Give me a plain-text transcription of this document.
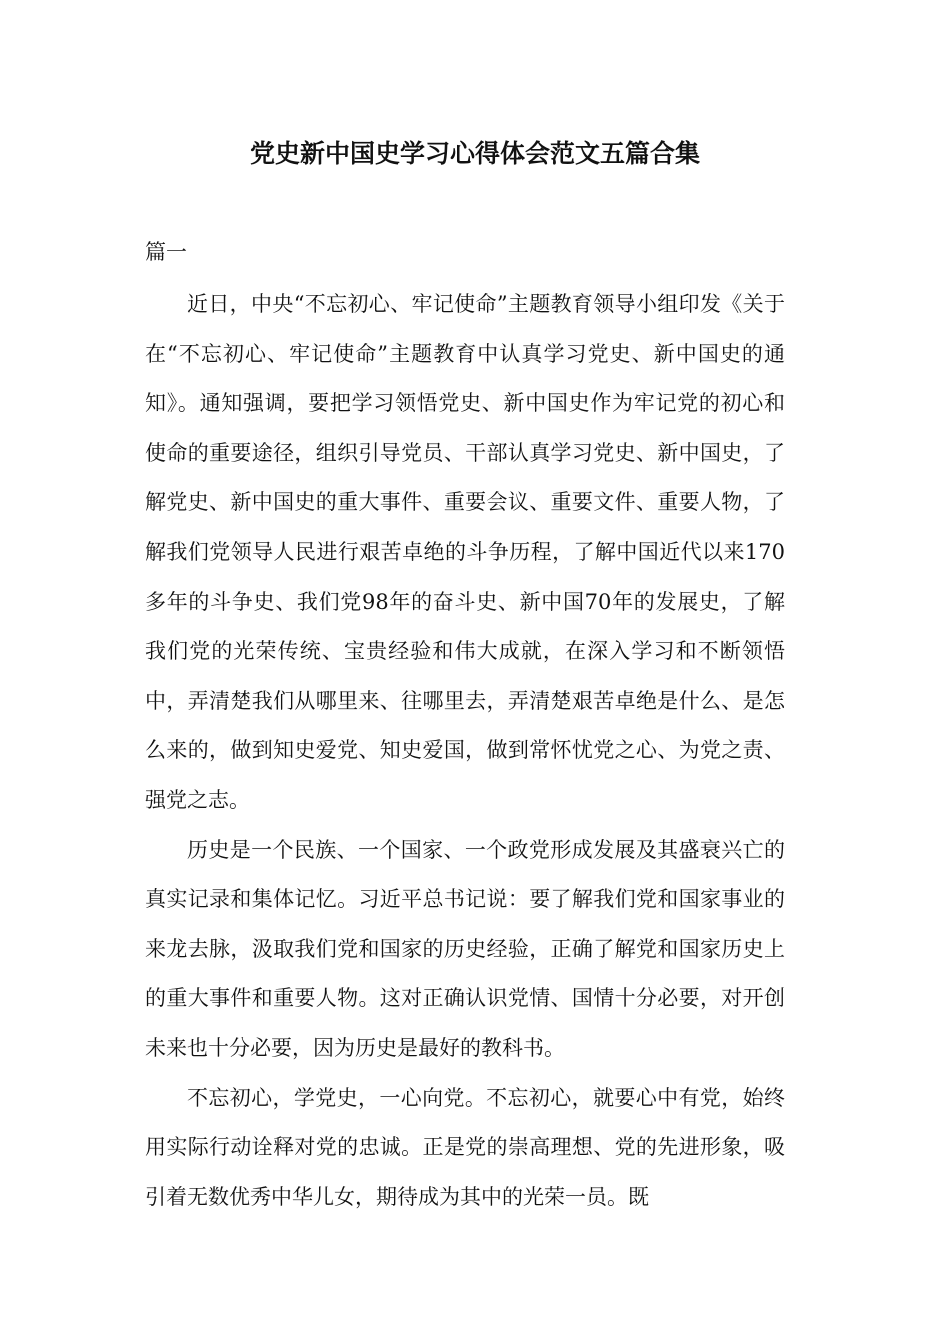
党史新中国史学习心得体会范文五篇合集
篇一

近日，中央“不忘初心、牢记使命”主题教育领导小组印发《关于在“不忘初心、牢记使命”主题教育中认真学习党史、新中国史的通知》。通知强调，要把学习领悟党史、新中国史作为牢记党的初心和使命的重要途径，组织引导党员、干部认真学习党史、新中国史，了解党史、新中国史的重大事件、重要会议、重要文件、重要人物，了解我们党领导人民进行艰苦卓绝的斗争历程，了解中国近代以来170多年的斗争史、我们党98年的奋斗史、新中国70年的发展史，了解我们党的光荣传统、宝贵经验和伟大成就，在深入学习和不断领悟中，弄清楚我们从哪里来、往哪里去，弄清楚艰苦卓绝是什么、是怎么来的，做到知史爱党、知史爱国，做到常怀忧党之心、为党之责、强党之志。

历史是一个民族、一个国家、一个政党形成发展及其盛衰兴亡的真实记录和集体记忆。习近平总书记说：要了解我们党和国家事业的来龙去脉，汲取我们党和国家的历史经验，正确了解党和国家历史上的重大事件和重要人物。这对正确认识党情、国情十分必要，对开创未来也十分必要，因为历史是最好的教科书。

不忘初心，学党史，一心向党。不忘初心，就要心中有党，始终用实际行动诠释对党的忠诚。正是党的崇高理想、党的先进形象，吸引着无数优秀中华儿女，期待成为其中的光荣一员。既
